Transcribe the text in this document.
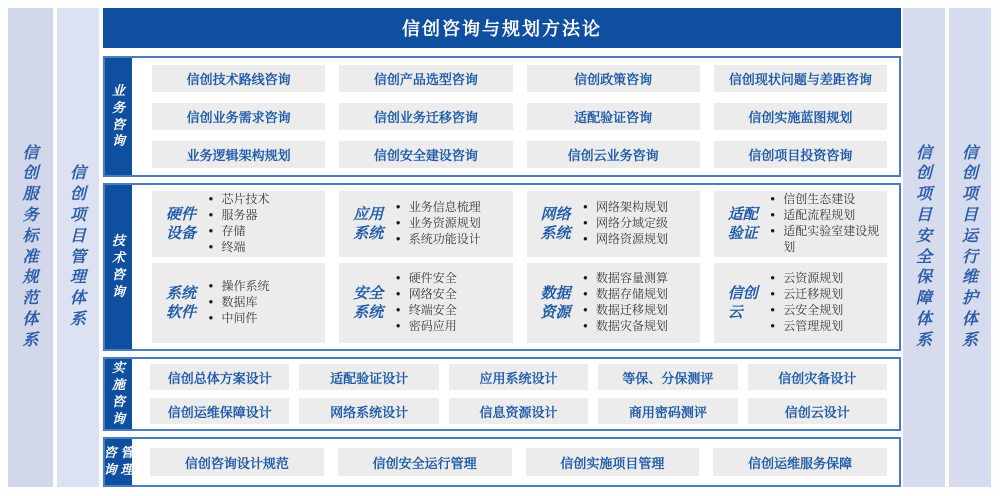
信创服务标准规范体系
信创项目管理体系
信创项目安全保障体系
信创项目运行维护体系
信创咨询与规划方法论
业务咨询
信创技术路线咨询	信创产品选型咨询	信创政策咨询	信创现状问题与差距咨询
信创业务需求咨询	信创业务迁移咨询	适配验证咨询	信创实施蓝图规划
业务逻辑架构规划	信创安全建设咨询	信创云业务咨询	信创项目投资咨询
技术咨询
硬件设备
● 芯片技术
● 服务器
● 存储
● 终端
应用系统
● 业务信息梳理
● 业务资源规划
● 系统功能设计
网络系统
● 网络架构规划
● 网络分域定级
● 网络资源规划
适配验证
● 信创生态建设
● 适配流程规划
● 适配实验室建设规划
系统软件
● 操作系统
● 数据库
● 中间件
安全系统
● 硬件安全
● 网络安全
● 终端安全
● 密码应用
数据资源
● 数据容量测算
● 数据存储规划
● 数据迁移规划
● 数据灾备规划
信创云
● 云资源规划
● 云迁移规划
● 云安全规划
● 云管理规划
实施咨询
信创总体方案设计	适配验证设计	应用系统设计	等保、分保测评	信创灾备设计
信创运维保障设计	网络系统设计	信息资源设计	商用密码测评	信创云设计
咨询
管理	信创咨询设计规范	信创安全运行管理	信创实施项目管理	信创运维服务保障
